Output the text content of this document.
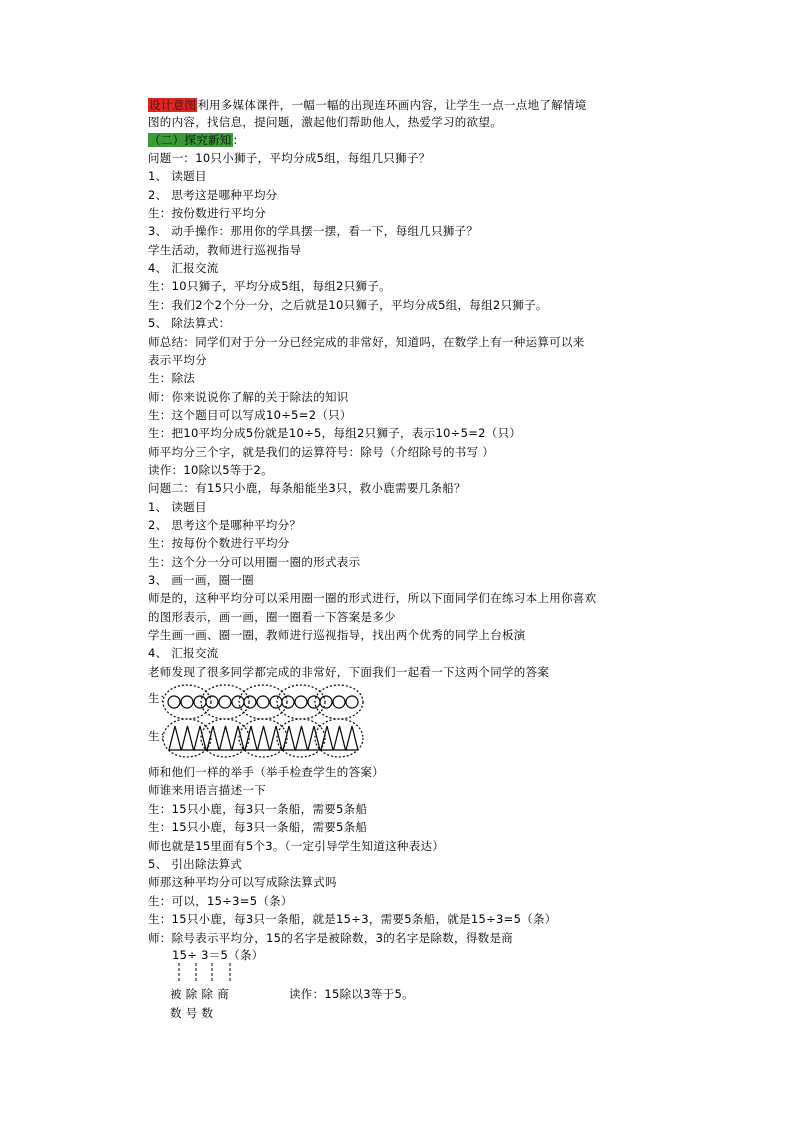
设计意图利用多媒体课件，一幅一幅的出现连环画内容，让学生一点一点地了解情境
图的内容，找信息，提问题，激起他们帮助他人，热爱学习的欲望。
（二）探究新知：
问题一：10只小狮子，平均分成5组，每组几只狮子？
1、 读题目
2、 思考这是哪种平均分
生：按份数进行平均分
3、 动手操作：那用你的学具摆一摆，看一下，每组几只狮子？
学生活动，教师进行巡视指导
4、 汇报交流
生：10只狮子，平均分成5组，每组2只狮子。
生：我们2个2个分一分，之后就是10只狮子，平均分成5组，每组2只狮子。
5、 除法算式：
师总结：同学们对于分一分已经完成的非常好，知道吗，在数学上有一种运算可以来
表示平均分
生：除法
师：你来说说你了解的关于除法的知识
生：这个题目可以写成10÷5=2（只）
生：把10平均分成5份就是10÷5，每组2只狮子，表示10÷5=2（只）
师平均分三个字，就是我们的运算符号：除号（介绍除号的书写 ）
读作：10除以5等于2。
问题二：有15只小鹿，每条船能坐3只，救小鹿需要几条船？
1、 读题目
2、 思考这个是哪种平均分？
生：按每份个数进行平均分
生：这个分一分可以用圈一圈的形式表示
3、 画一画，圈一圈
师是的，这种平均分可以采用圈一圈的形式进行，所以下面同学们在练习本上用你喜欢
的图形表示，画一画，圈一圈看一下答案是多少
学生画一画、圈一圈，教师进行巡视指导，找出两个优秀的同学上台板演
4、 汇报交流
老师发现了很多同学都完成的非常好，下面我们一起看一下这两个同学的答案
生：
生：
师和他们一样的举手（举手检查学生的答案）
师谁来用语言描述一下
生：15只小鹿，每3只一条船，需要5条船
生：15只小鹿，每3只一条船，需要5条船
师也就是15里面有5个3。（一定引导学生知道这种表达）
5、 引出除法算式
师那这种平均分可以写成除法算式吗
生：可以，15÷3=5（条）
生：15只小鹿，每3只一条船，就是15÷3，需要5条船，就是15÷3=5（条）
师：除号表示平均分，15的名字是被除数，3的名字是除数，得数是商
15÷ 3＝5（条）
被 除 除 商	读作：15除以3等于5。
数 号 数
